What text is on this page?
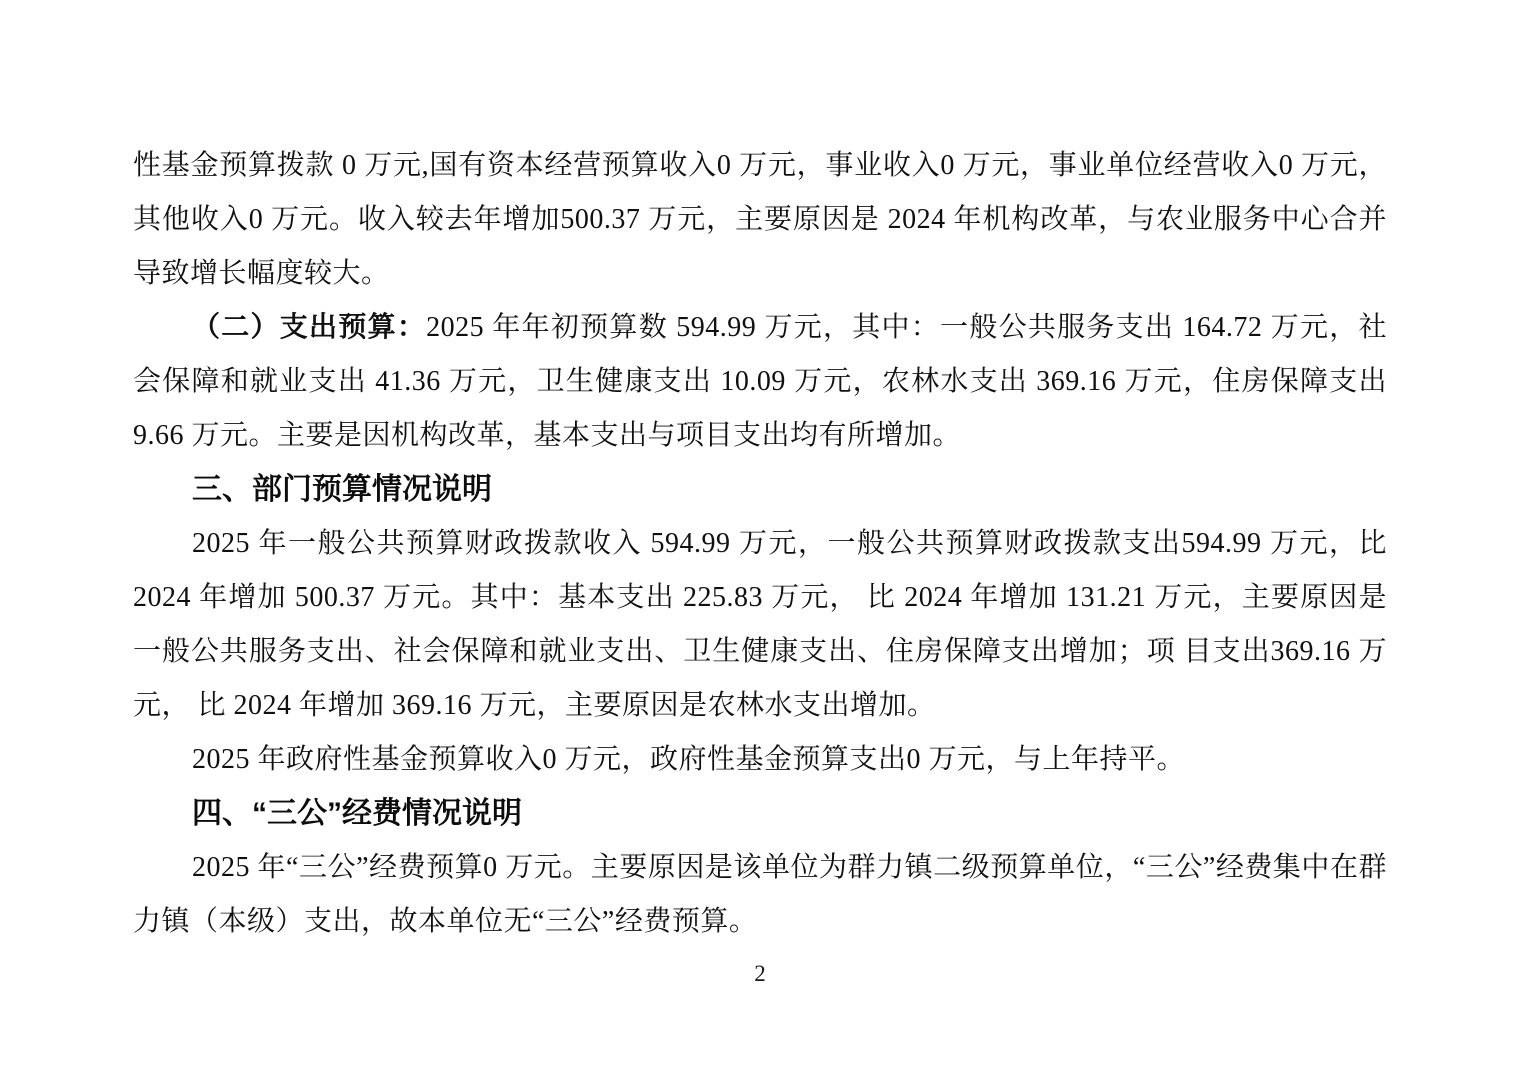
性基金预算拨款 0 万元,国有资本经营预算收入0 万元，事业收入0 万元，事业单位经营收入0 万元，其他收入0 万元。收入较去年增加500.37 万元，主要原因是 2024 年机构改革，与农业服务中心合并导致增长幅度较大。

（二）支出预算：2025 年年初预算数 594.99 万元，其中：一般公共服务支出 164.72 万元，社会保障和就业支出 41.36 万元，卫生健康支出 10.09 万元，农林水支出 369.16 万元，住房保障支出 9.66 万元。主要是因机构改革，基本支出与项目支出均有所增加。

三、部门预算情况说明

2025 年一般公共预算财政拨款收入 594.99 万元，一般公共预算财政拨款支出594.99 万元，比 2024 年增加 500.37 万元。其中：基本支出 225.83 万元， 比 2024 年增加 131.21 万元，主要原因是一般公共服务支出、社会保障和就业支出、卫生健康支出、住房保障支出增加；项 目支出369.16 万元， 比 2024 年增加 369.16 万元，主要原因是农林水支出增加。

2025 年政府性基金预算收入0 万元，政府性基金预算支出0 万元，与上年持平。

四、“三公”经费情况说明

2025 年“三公”经费预算0 万元。主要原因是该单位为群力镇二级预算单位，“三公”经费集中在群力镇（本级）支出，故本单位无“三公”经费预算。

2
